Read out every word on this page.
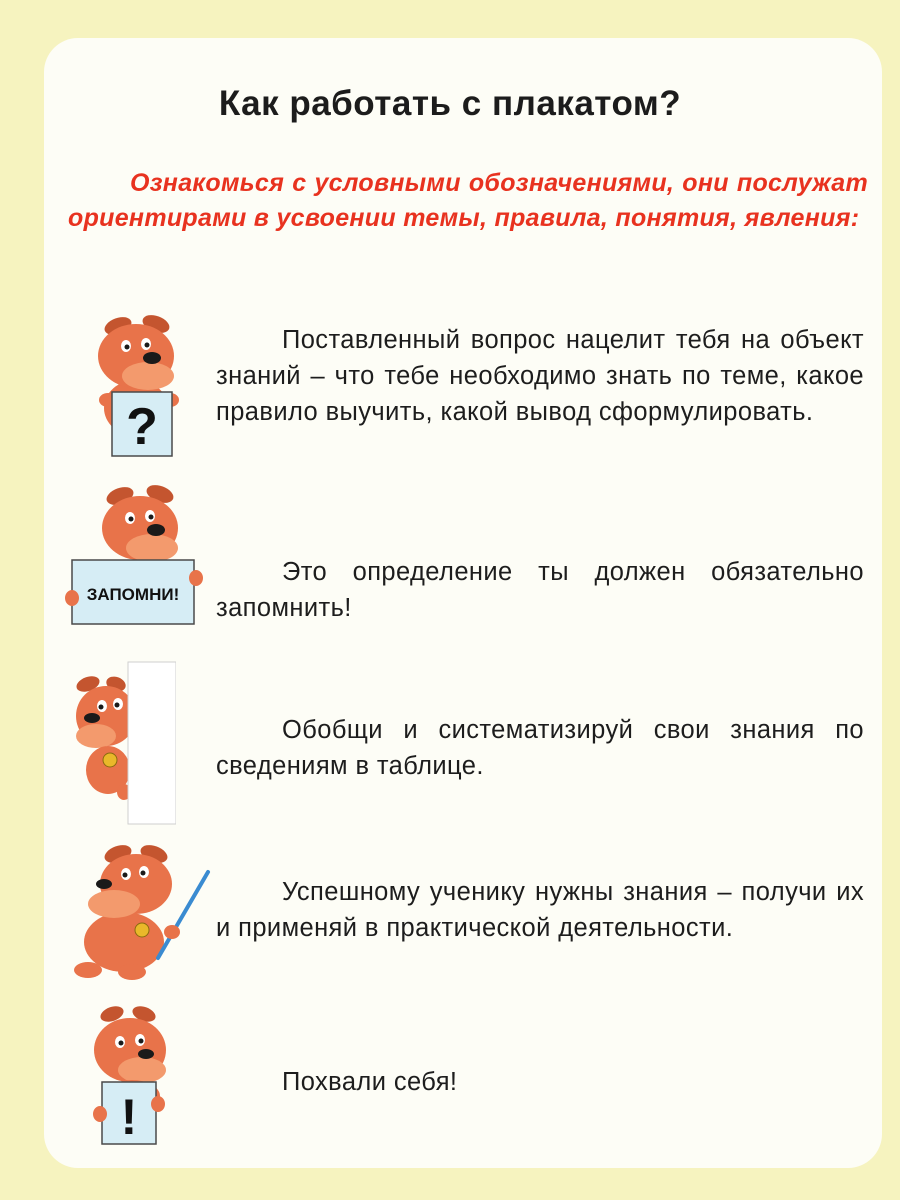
Как работать с плакатом?
Ознакомься с условными обозначениями, они послужат ориентирами в усвоении темы, правила, понятия, явления:
?
Поставленный вопрос нацелит тебя на объект знаний – что тебе необходимо знать по теме, какое правило выучить, какой вывод сформулировать.
ЗАПОМНИ!
Это определение ты должен обязательно запомнить!
Обобщи и систематизируй свои знания по сведениям в таблице.
Успешному ученику нужны знания – получи их и применяй в практической деятельности.
!
Похвали себя!
